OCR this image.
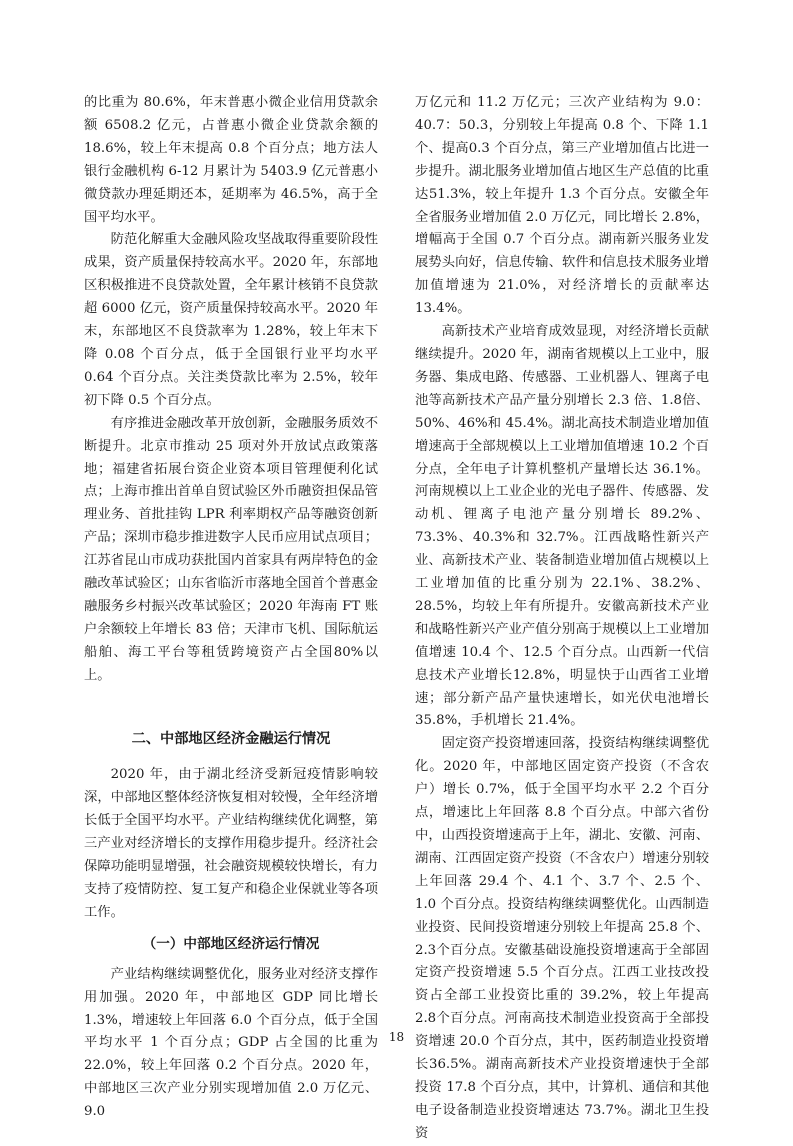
的比重为 80.6%，年末普惠小微企业信用贷款余额 6508.2 亿元，占普惠小微企业贷款余额的18.6%，较上年末提高 0.8 个百分点；地方法人银行金融机构 6-12 月累计为 5403.9 亿元普惠小微贷款办理延期还本，延期率为 46.5%，高于全国平均水平。

防范化解重大金融风险攻坚战取得重要阶段性成果，资产质量保持较高水平。2020 年，东部地区积极推进不良贷款处置，全年累计核销不良贷款超 6000 亿元，资产质量保持较高水平。2020 年末，东部地区不良贷款率为 1.28%，较上年末下降 0.08 个百分点，低于全国银行业平均水平 0.64 个百分点。关注类贷款比率为 2.5%，较年初下降 0.5 个百分点。

有序推进金融改革开放创新，金融服务质效不断提升。北京市推动 25 项对外开放试点政策落地；福建省拓展台资企业资本项目管理便利化试点；上海市推出首单自贸试验区外币融资担保品管理业务、首批挂钩 LPR 利率期权产品等融资创新产品；深圳市稳步推进数字人民币应用试点项目；江苏省昆山市成功获批国内首家具有两岸特色的金融改革试验区；山东省临沂市落地全国首个普惠金融服务乡村振兴改革试验区；2020 年海南 FT 账户余额较上年增长 83 倍；天津市飞机、国际航运船舶、海工平台等租赁跨境资产占全国80%以上。

二、中部地区经济金融运行情况

2020 年，由于湖北经济受新冠疫情影响较深，中部地区整体经济恢复相对较慢，全年经济增长低于全国平均水平。产业结构继续优化调整，第三产业对经济增长的支撑作用稳步提升。经济社会保障功能明显增强，社会融资规模较快增长，有力支持了疫情防控、复工复产和稳企业保就业等各项工作。

（一）中部地区经济运行情况

产业结构继续调整优化，服务业对经济支撑作用加强。2020 年，中部地区 GDP 同比增长1.3%，增速较上年回落 6.0 个百分点，低于全国平均水平 1 个百分点；GDP 占全国的比重为22.0%，较上年回落 0.2 个百分点。2020 年，中部地区三次产业分别实现增加值 2.0 万亿元、9.0

万亿元和 11.2 万亿元；三次产业结构为 9.0：40.7：50.3，分别较上年提高 0.8 个、下降 1.1 个、提高0.3 个百分点，第三产业增加值占比进一步提升。湖北服务业增加值占地区生产总值的比重达51.3%，较上年提升 1.3 个百分点。安徽全年全省服务业增加值 2.0 万亿元，同比增长 2.8%，增幅高于全国 0.7 个百分点。湖南新兴服务业发展势头向好，信息传输、软件和信息技术服务业增加值增速为 21.0%，对经济增长的贡献率达 13.4%。

高新技术产业培育成效显现，对经济增长贡献继续提升。2020 年，湖南省规模以上工业中，服务器、集成电路、传感器、工业机器人、锂离子电池等高新技术产品产量分别增长 2.3 倍、1.8倍、50%、46%和 45.4%。湖北高技术制造业增加值增速高于全部规模以上工业增加值增速 10.2 个百分点，全年电子计算机整机产量增长达 36.1%。河南规模以上工业企业的光电子器件、传感器、发动机、锂离子电池产量分别增长 89.2%、73.3%、40.3%和 32.7%。江西战略性新兴产业、高新技术产业、装备制造业增加值占规模以上工业增加值的比重分别为 22.1%、38.2%、28.5%，均较上年有所提升。安徽高新技术产业和战略性新兴产业产值分别高于规模以上工业增加值增速 10.4 个、12.5 个百分点。山西新一代信息技术产业增长12.8%，明显快于山西省工业增速；部分新产品产量快速增长，如光伏电池增长 35.8%，手机增长 21.4%。

固定资产投资增速回落，投资结构继续调整优化。2020 年，中部地区固定资产投资（不含农户）增长 0.7%，低于全国平均水平 2.2 个百分点，增速比上年回落 8.8 个百分点。中部六省份中，山西投资增速高于上年，湖北、安徽、河南、湖南、江西固定资产投资（不含农户）增速分别较上年回落 29.4 个、4.1 个、3.7 个、2.5 个、1.0 个百分点。投资结构继续调整优化。山西制造业投资、民间投资增速分别较上年提高 25.8 个、2.3个百分点。安徽基础设施投资增速高于全部固定资产投资增速 5.5 个百分点。江西工业技改投资占全部工业投资比重的 39.2%，较上年提高 2.8个百分点。河南高技术制造业投资高于全部投资增速 20.0 个百分点，其中，医药制造业投资增长36.5%。湖南高新技术产业投资增速快于全部投资 17.8 个百分点，其中，计算机、通信和其他电子设备制造业投资增速达 73.7%。湖北卫生投资

18
